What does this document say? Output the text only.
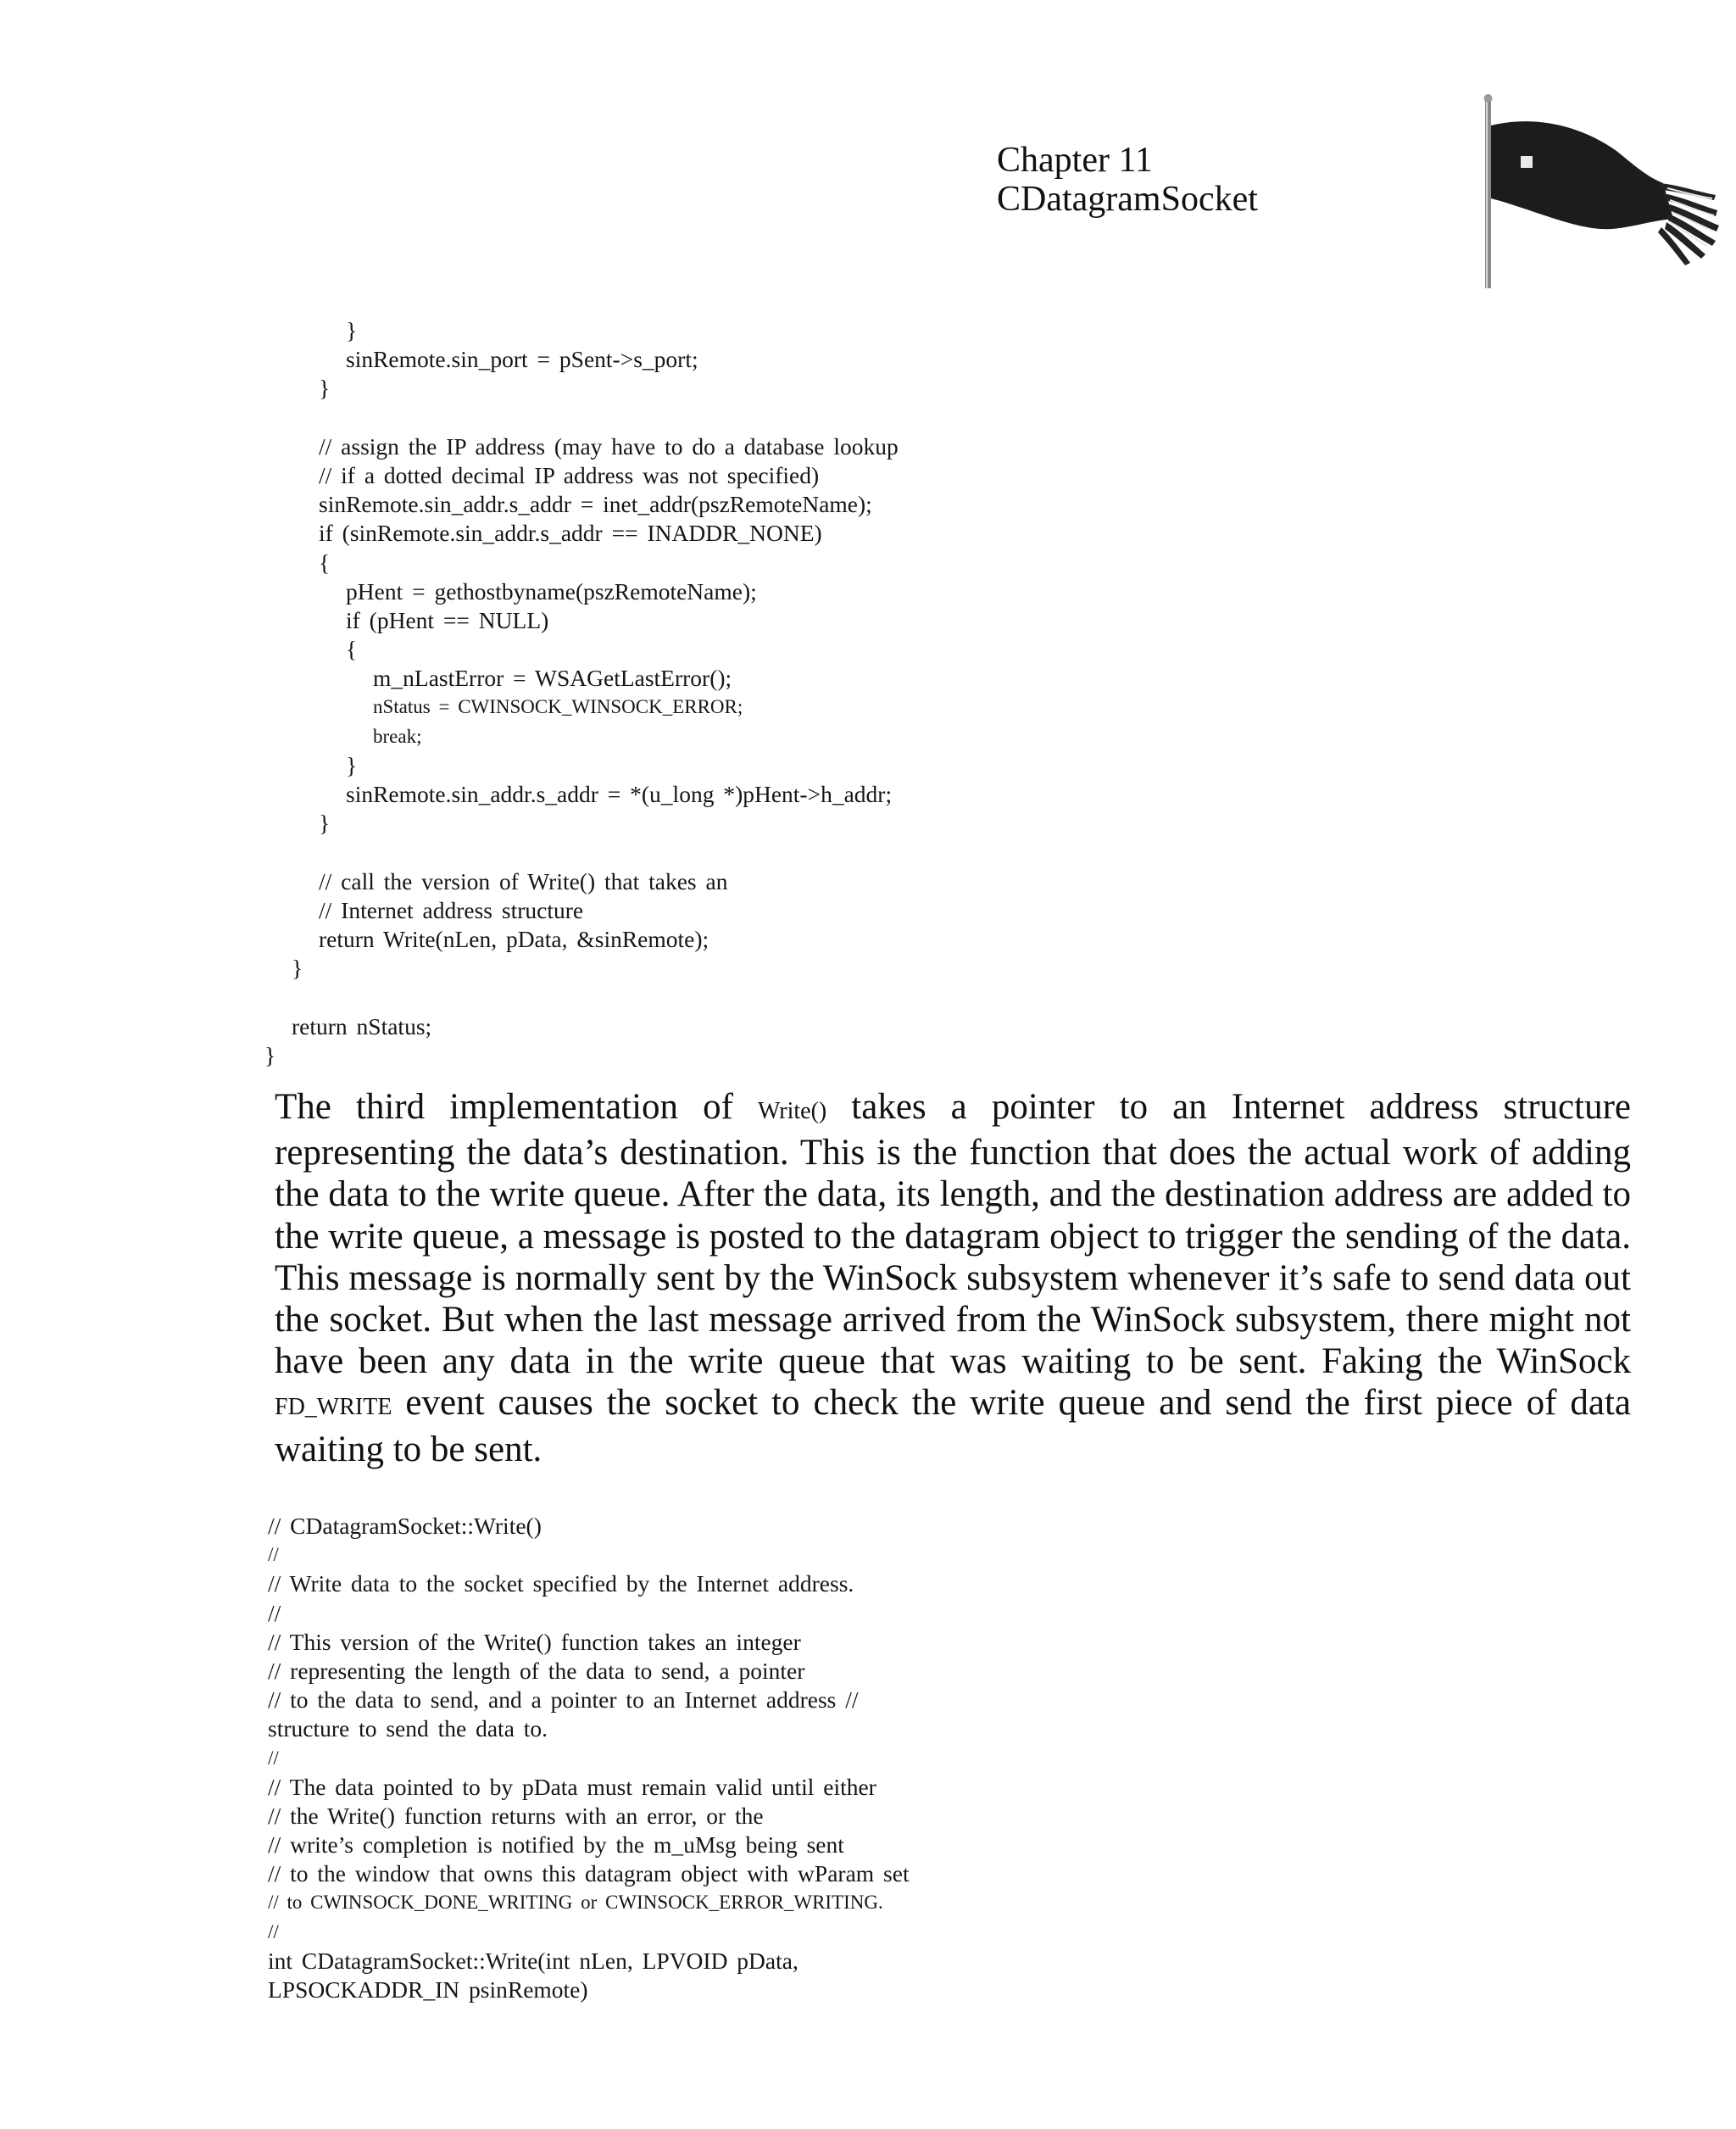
Chapter 11
CDatagramSocket
}
sinRemote.sin_port = pSent->s_port;
}
// assign the IP address (may have to do a database lookup
// if a dotted decimal IP address was not specified)
sinRemote.sin_addr.s_addr = inet_addr(pszRemoteName);
if (sinRemote.sin_addr.s_addr == INADDR_NONE)
{
pHent = gethostbyname(pszRemoteName);
if (pHent == NULL)
{
m_nLastError = WSAGetLastError();
nStatus = CWINSOCK_WINSOCK_ERROR;
break;
}
sinRemote.sin_addr.s_addr = *(u_long *)pHent->h_addr;
}
// call the version of Write() that takes an
// Internet address structure
return Write(nLen, pData, &sinRemote);
}
return nStatus;
}
The third implementation of Write() takes a pointer to an Internet address structure representing the data’s destination. This is the function that does the actual work of adding the data to the write queue. After the data, its length, and the destination address are added to the write queue, a message is posted to the datagram object to trigger the sending of the data. This message is normally sent by the WinSock subsystem whenever it’s safe to send data out the socket. But when the last message arrived from the WinSock subsystem, there might not have been any data in the write queue that was waiting to be sent. Faking the WinSock FD_WRITE event causes the socket to check the write queue and send the first piece of data waiting to be sent.
// CDatagramSocket::Write()
//
// Write data to the socket specified by the Internet address.
//
// This version of the Write() function takes an integer
// representing the length of the data to send, a pointer
// to the data to send, and a pointer to an Internet address //
structure to send the data to.
//
// The data pointed to by pData must remain valid until either
// the Write() function returns with an error, or the
// write’s completion is notified by the m_uMsg being sent
// to the window that owns this datagram object with wParam set
// to CWINSOCK_DONE_WRITING or CWINSOCK_ERROR_WRITING.
//
int CDatagramSocket::Write(int nLen, LPVOID pData,
LPSOCKADDR_IN psinRemote)
